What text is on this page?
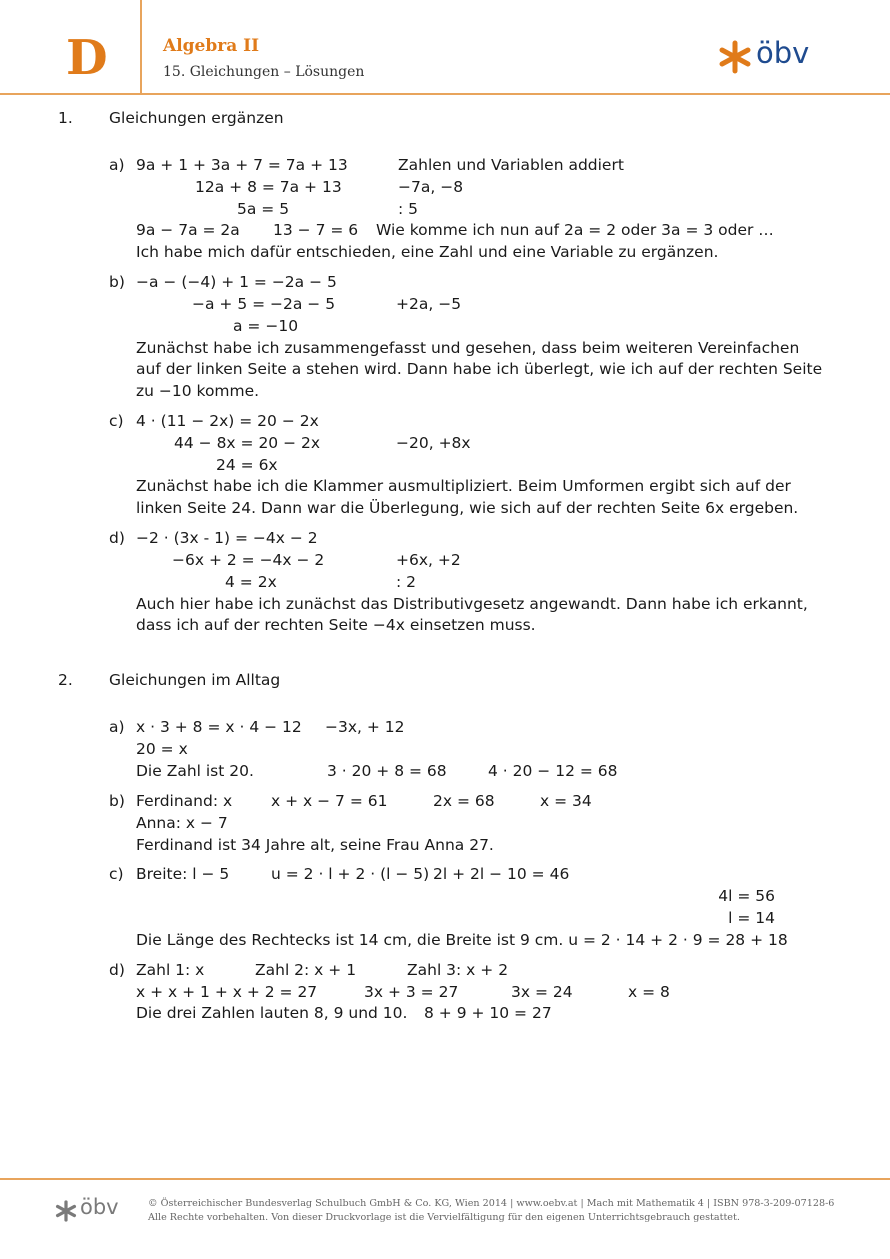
D	Algebra II
15. Gleichungen – Lösungen
öbv
1. Gleichungen ergänzen
a) 9a + 1 + 3a + 7 = 7a + 13	Zahlen und Variablen addiert
12a + 8 = 7a + 13	−7a, −8
5a = 5	: 5
9a − 7a = 2a 13 − 7 = 6 Wie komme ich nun auf 2a = 2 oder 3a = 3 oder …
Ich habe mich dafür entschieden, eine Zahl und eine Variable zu ergänzen.
b) −a − (−4) + 1 = −2a − 5
−a + 5 = −2a − 5	+2a, −5
a = −10
Zunächst habe ich zusammengefasst und gesehen, dass beim weiteren Vereinfachen
auf der linken Seite a stehen wird. Dann habe ich überlegt, wie ich auf der rechten Seite
zu −10 komme.
c) 4 · (11 − 2x) = 20 − 2x
44 − 8x = 20 − 2x	−20, +8x
24 = 6x
Zunächst habe ich die Klammer ausmultipliziert. Beim Umformen ergibt sich auf der
linken Seite 24. Dann war die Überlegung, wie sich auf der rechten Seite 6x ergeben.
d) −2 · (3x - 1) = −4x − 2
−6x + 2 = −4x − 2	+6x, +2
4 = 2x	: 2
Auch hier habe ich zunächst das Distributivgesetz angewandt. Dann habe ich erkannt,
dass ich auf der rechten Seite −4x einsetzen muss.
2. Gleichungen im Alltag
a) x · 3 + 8 = x · 4 − 12 −3x, + 12
20 = x
Die Zahl ist 20.	3 · 20 + 8 = 68	4 · 20 − 12 = 68
b) Ferdinand: x	x + x − 7 = 61	2x = 68	x = 34
Anna: x − 7
Ferdinand ist 34 Jahre alt, seine Frau Anna 27.
c) Breite: l − 5	u = 2 · l + 2 · (l − 5) 2l + 2l − 10 = 46
4l = 56
l = 14
Die Länge des Rechtecks ist 14 cm, die Breite ist 9 cm. u = 2 · 14 + 2 · 9 = 28 + 18
d) Zahl 1: x	Zahl 2: x + 1	Zahl 3: x + 2
x + x + 1 + x + 2 = 27	3x + 3 = 27	3x = 24	x = 8
Die drei Zahlen lauten 8, 9 und 10. 8 + 9 + 10 = 27
öbv	© Österreichischer Bundesverlag Schulbuch GmbH & Co. KG, Wien 2014 | www.oebv.at | Mach mit Mathematik 4 | ISBN 978-3-209-07128-6
Alle Rechte vorbehalten. Von dieser Druckvorlage ist die Vervielfältigung für den eigenen Unterrichtsgebrauch gestattet.
